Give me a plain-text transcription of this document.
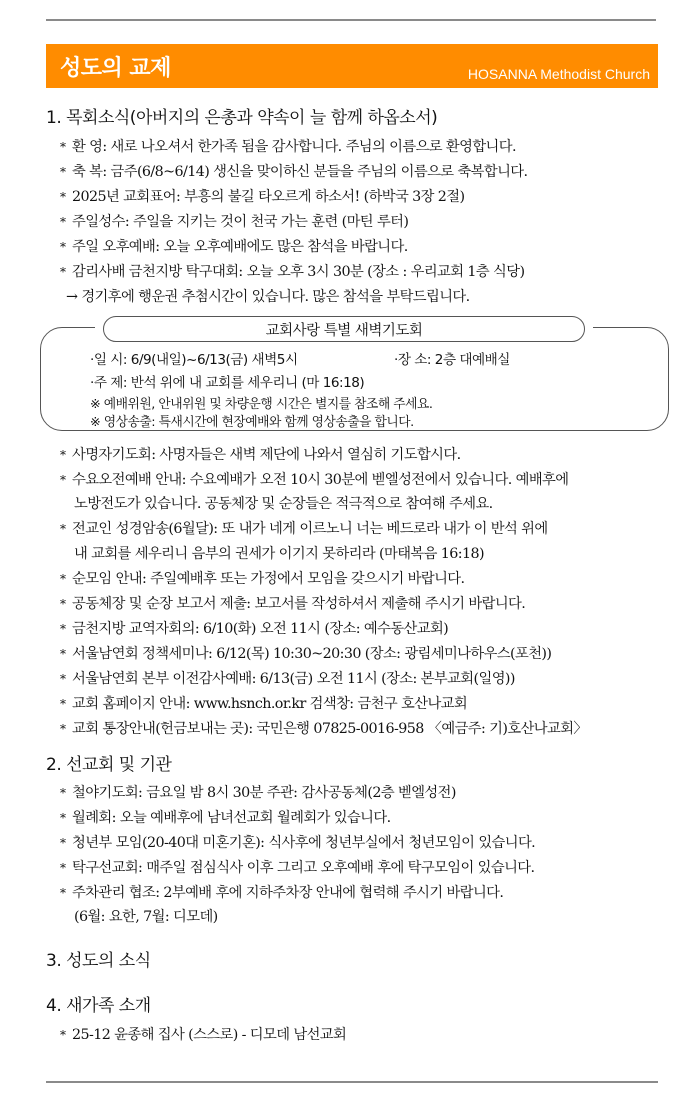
성도의 교제	HOSANNA Methodist Church
1. 목회소식(아버지의 은총과 약속이 늘 함께 하옵소서)
* 환 영: 새로 나오셔서 한가족 됨을 감사합니다. 주님의 이름으로 환영합니다.
* 축 복: 금주(6/8~6/14) 생신을 맞이하신 분들을 주님의 이름으로 축복합니다.
* 2025년 교회표어: 부흥의 불길 타오르게 하소서! (하박국 3장 2절)
* 주일성수: 주일을 지키는 것이 천국 가는 훈련 (마틴 루터)
* 주일 오후예배: 오늘 오후예배에도 많은 참석을 바랍니다.
* 감리사배 금천지방 탁구대회: 오늘 오후 3시 30분 (장소 : 우리교회 1층 식당)
→ 경기후에 행운권 추첨시간이 있습니다. 많은 참석을 부탁드립니다.
교회사랑 특별 새벽기도회
·일 시: 6/9(내일)~6/13(금) 새벽5시	·장 소: 2층 대예배실
·주 제: 반석 위에 내 교회를 세우리니 (마 16:18)
※ 예배위원, 안내위원 및 차량운행 시간은 별지를 참조해 주세요.
※ 영상송출: 특새시간에 현장예배와 함께 영상송출을 합니다.
* 사명자기도회: 사명자들은 새벽 제단에 나와서 열심히 기도합시다.
* 수요오전예배 안내: 수요예배가 오전 10시 30분에 벧엘성전에서 있습니다. 예배후에
노방전도가 있습니다. 공동체장 및 순장들은 적극적으로 참여해 주세요.
* 전교인 성경암송(6월달): 또 내가 네게 이르노니 너는 베드로라 내가 이 반석 위에
내 교회를 세우리니 음부의 권세가 이기지 못하리라 (마태복음 16:18)
* 순모임 안내: 주일예배후 또는 가정에서 모임을 갖으시기 바랍니다.
* 공동체장 및 순장 보고서 제출: 보고서를 작성하셔서 제출해 주시기 바랍니다.
* 금천지방 교역자회의: 6/10(화) 오전 11시 (장소: 예수동산교회)
* 서울남연회 정책세미나: 6/12(목) 10:30~20:30 (장소: 광림세미나하우스(포천))
* 서울남연회 본부 이전감사예배: 6/13(금) 오전 11시 (장소: 본부교회(일영))
* 교회 홈페이지 안내: www.hsnch.or.kr 검색창: 금천구 호산나교회
* 교회 통장안내(헌금보내는 곳): 국민은행 07825-0016-958 〈예금주: 기)호산나교회〉
2. 선교회 및 기관
* 철야기도회: 금요일 밤 8시 30분 주관: 감사공동체(2층 벧엘성전)
* 월례회: 오늘 예배후에 남녀선교회 월례회가 있습니다.
* 청년부 모임(20-40대 미혼기혼): 식사후에 청년부실에서 청년모임이 있습니다.
* 탁구선교회: 매주일 점심식사 이후 그리고 오후예배 후에 탁구모임이 있습니다.
* 주차관리 협조: 2부예배 후에 지하주차장 안내에 협력해 주시기 바랍니다.
(6월: 요한, 7월: 디모데)
3. 성도의 소식
4. 새가족 소개
* 25-12 윤종해 집사 (스스로) - 디모데 남선교회
